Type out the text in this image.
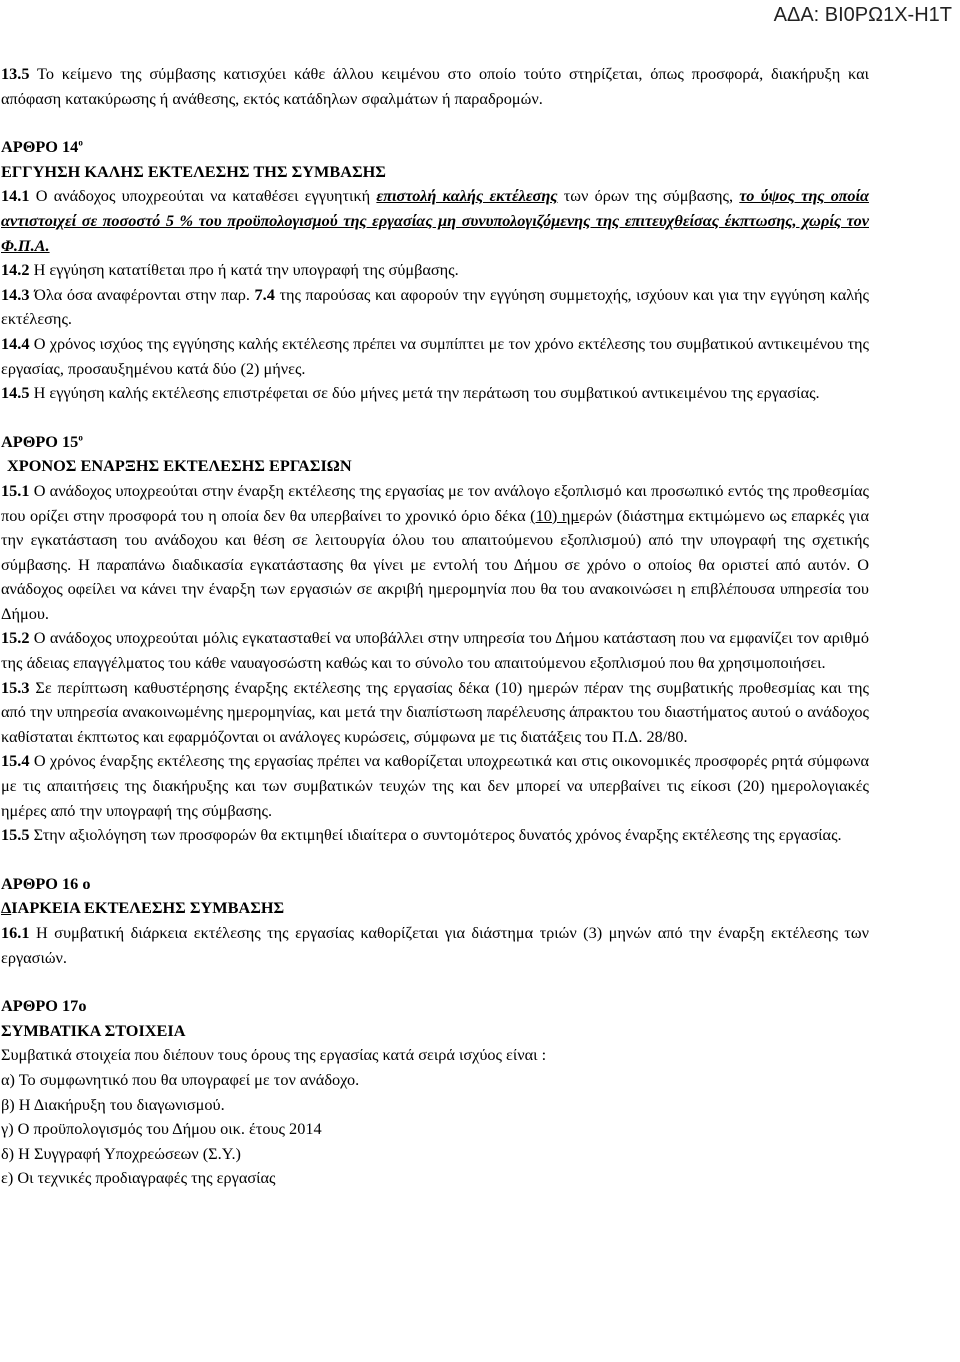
ΑΔΑ: ΒΙ0ΡΩ1Χ-Η1Τ

13.5 Το κείμενο της σύμβασης κατισχύει κάθε άλλου κειμένου στο οποίο τούτο στηρίζεται, όπως προσφορά, διακήρυξη και απόφαση κατακύρωσης ή ανάθεσης, εκτός κατάδηλων σφαλμάτων ή παραδρομών.

ΑΡΘΡΟ $14^o$

ΕΓΓΥΗΣΗ ΚΑΛΗΣ ΕΚΤΕΛΕΣΗΣ ΤΗΣ ΣΥΜΒΑΣΗΣ

14.1 Ο ανάδοχος υποχρεούται να καταθέσει εγγυητική επιστολή καλής εκτέλεσης των όρων της σύμβασης, το ύψος της οποία αντιστοιχεί σε ποσοστό 5 % του προϋπολογισμού της εργασίας μη συνυπολογιζόμενης της επιτευχθείσας έκπτωσης, χωρίς τον Φ.Π.Α.

14.2 Η εγγύηση κατατίθεται προ ή κατά την υπογραφή της σύμβασης.

14.3 Όλα όσα αναφέρονται στην παρ. 7.4 της παρούσας και αφορούν την εγγύηση συμμετοχής, ισχύουν και για την εγγύηση καλής εκτέλεσης.

14.4 Ο χρόνος ισχύος της εγγύησης καλής εκτέλεσης πρέπει να συμπίπτει με τον χρόνο εκτέλεσης του συμβατικού αντικειμένου της εργασίας, προσαυξημένου κατά δύο (2) μήνες.

14.5 Η εγγύηση καλής εκτέλεσης επιστρέφεται σε δύο μήνες μετά την περάτωση του συμβατικού αντικειμένου της εργασίας.

ΑΡΘΡΟ $15^o$

ΧΡΟΝΟΣ ΕΝΑΡΞΗΣ ΕΚΤΕΛΕΣΗΣ ΕΡΓΑΣΙΩΝ

15.1 Ο ανάδοχος υποχρεούται στην έναρξη εκτέλεσης της εργασίας με τον ανάλογο εξοπλισμό και προσωπικό εντός της προθεσμίας που ορίζει στην προσφορά του η οποία δεν θα υπερβαίνει το χρονικό όριο δέκα (10) ημερών (διάστημα εκτιμώμενο ως επαρκές για την εγκατάσταση του ανάδοχου και θέση σε λειτουργία όλου του απαιτούμενου εξοπλισμού) από την υπογραφή της σχετικής σύμβασης. Η παραπάνω διαδικασία εγκατάστασης θα γίνει με εντολή του Δήμου σε χρόνο ο οποίος θα οριστεί από αυτόν. Ο ανάδοχος οφείλει να κάνει την έναρξη των εργασιών σε ακριβή ημερομηνία που θα του ανακοινώσει η επιβλέπουσα υπηρεσία του Δήμου.

15.2 Ο ανάδοχος υποχρεούται μόλις εγκατασταθεί να υποβάλλει στην υπηρεσία του Δήμου κατάσταση που να εμφανίζει τον αριθμό της άδειας επαγγέλματος του κάθε ναυαγοσώστη καθώς και το σύνολο του απαιτούμενου εξοπλισμού που θα χρησιμοποιήσει.

15.3 Σε περίπτωση καθυστέρησης έναρξης εκτέλεσης της εργασίας δέκα (10) ημερών πέραν της συμβατικής προθεσμίας και της από την υπηρεσία ανακοινωμένης ημερομηνίας, και μετά την διαπίστωση παρέλευσης άπρακτου του διαστήματος αυτού ο ανάδοχος καθίσταται έκπτωτος και εφαρμόζονται οι ανάλογες κυρώσεις, σύμφωνα με τις διατάξεις του Π.Δ. 28/80.

15.4 Ο χρόνος έναρξης εκτέλεσης της εργασίας πρέπει να καθορίζεται υποχρεωτικά και στις οικονομικές προσφορές ρητά σύμφωνα με τις απαιτήσεις της διακήρυξης και των συμβατικών τευχών της και δεν μπορεί να υπερβαίνει τις είκοσι (20) ημερολογιακές ημέρες από την υπογραφή της σύμβασης.

15.5 Στην αξιολόγηση των προσφορών θα εκτιμηθεί ιδιαίτερα ο συντομότερος δυνατός χρόνος έναρξης εκτέλεσης της εργασίας.

ΑΡΘΡΟ 16 ο

ΔΙΑΡΚΕΙΑ ΕΚΤΕΛΕΣΗΣ ΣΥΜΒΑΣΗΣ

16.1 Η συμβατική διάρκεια εκτέλεσης της εργασίας καθορίζεται για διάστημα τριών (3) μηνών από την έναρξη εκτέλεσης των εργασιών.

ΑΡΘΡΟ 17ο

ΣΥΜΒΑΤΙΚΑ ΣΤΟΙΧΕΙΑ

Συμβατικά στοιχεία που διέπουν τους όρους της εργασίας κατά σειρά ισχύος είναι :

α) Το συμφωνητικό που θα υπογραφεί με τον ανάδοχο.

β) Η Διακήρυξη του διαγωνισμού.

γ) Ο προϋπολογισμός του Δήμου οικ. έτους 2014

δ) Η Συγγραφή Υποχρεώσεων (Σ.Υ.)

ε) Οι τεχνικές προδιαγραφές της εργασίας
